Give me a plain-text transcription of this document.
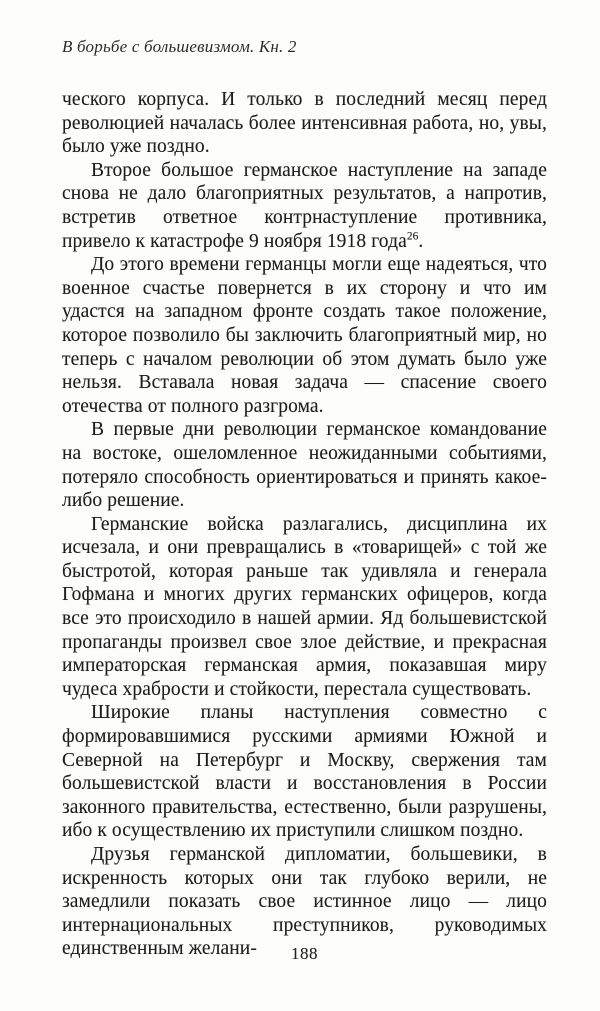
В борьбе с большевизмом. Кн. 2

ческого корпуса. И только в последний месяц перед революцией началась более интенсивная работа, но, увы, было уже поздно.

Второе большое германское наступление на западе снова не дало благоприятных результатов, а напротив, встретив ответное контрнаступление противника, привело к катастрофе 9 ноября 1918 года$^{26}$.

До этого времени германцы могли еще надеяться, что военное счастье повернется в их сторону и что им удастся на западном фронте создать такое положение, которое позволило бы заключить благоприятный мир, но теперь с началом революции об этом думать было уже нельзя. Вставала новая задача — спасение своего отечества от полного разгрома.

В первые дни революции германское командование на востоке, ошеломленное неожиданными событиями, потеряло способность ориентироваться и принять какое-либо решение.

Германские войска разлагались, дисциплина их исчезала, и они превращались в «товарищей» с той же быстротой, которая раньше так удивляла и генерала Гофмана и многих других германских офицеров, когда все это происходило в нашей армии. Яд большевистской пропаганды произвел свое злое действие, и прекрасная императорская германская армия, показавшая миру чудеса храбрости и стойкости, перестала существовать.

Широкие планы наступления совместно с формировавшимися русскими армиями Южной и Северной на Петербург и Москву, свержения там большевистской власти и восстановления в России законного правительства, естественно, были разрушены, ибо к осуществлению их приступили слишком поздно.

Друзья германской дипломатии, большевики, в искренность которых они так глубоко верили, не замедлили показать свое истинное лицо — лицо интернациональных преступников, руководимых единственным желани-	188
